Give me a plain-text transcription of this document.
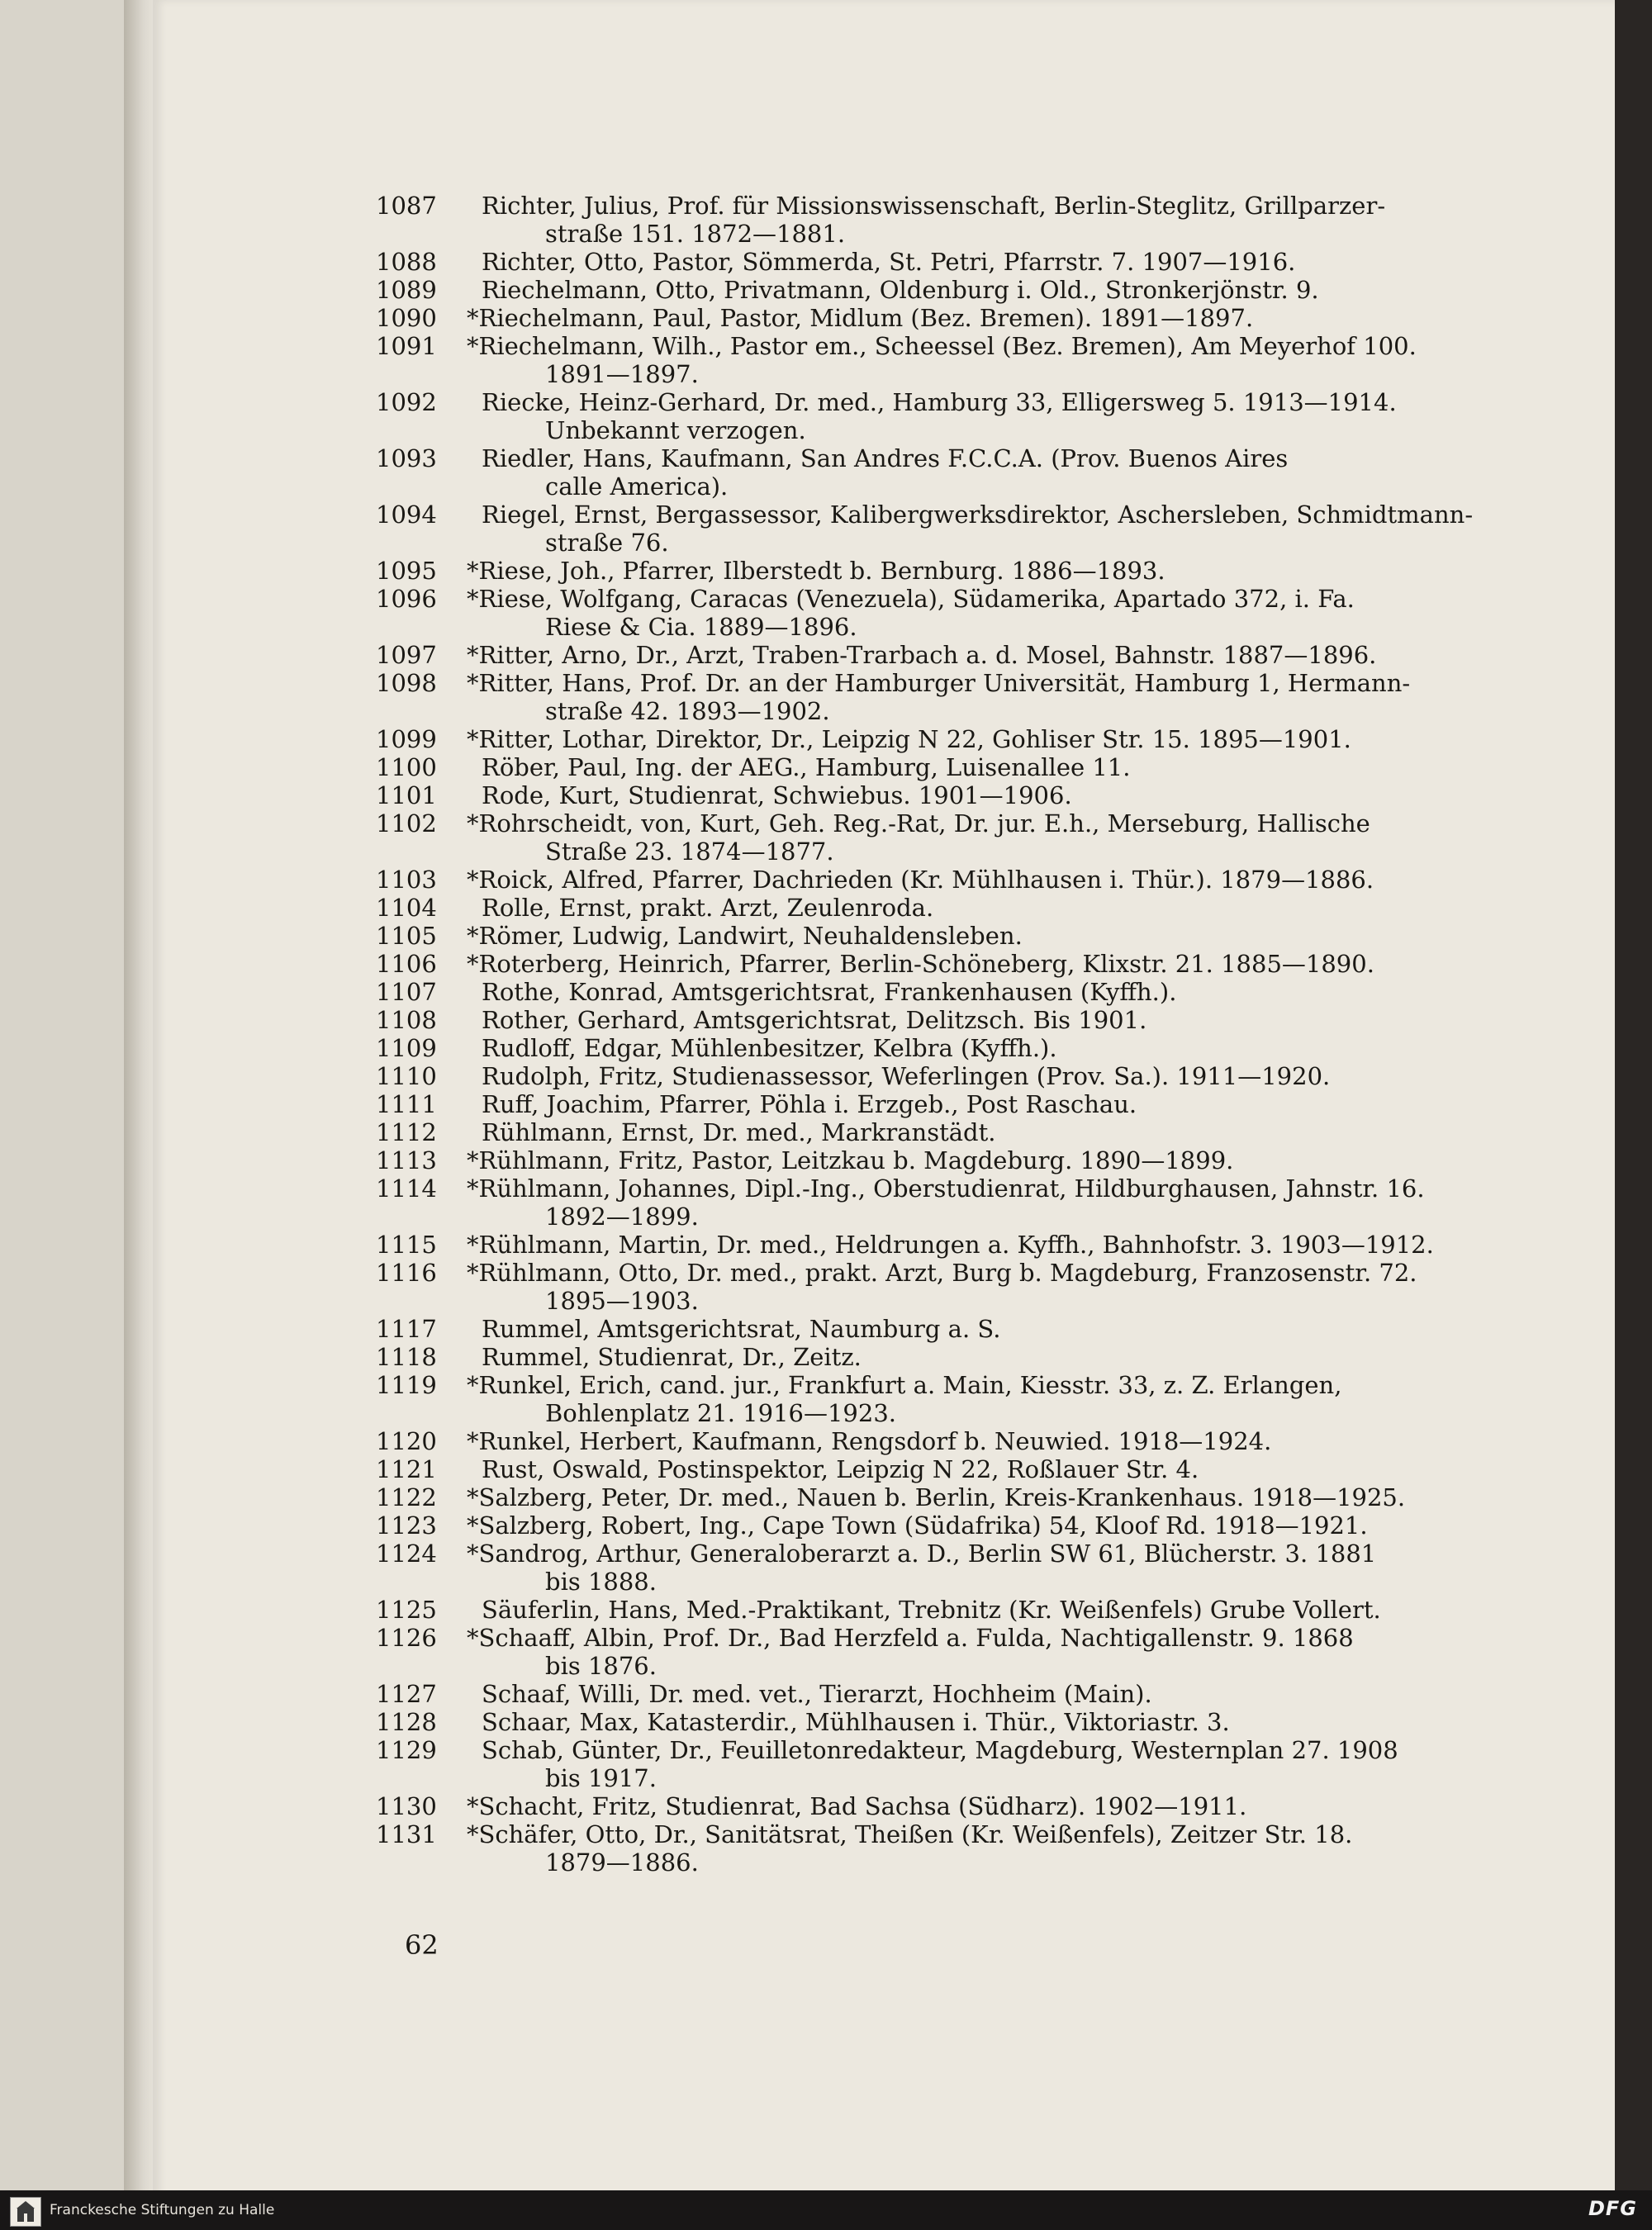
1087	Richter, Julius, Prof. für Missionswissenschaft, Berlin-Steglitz, Grillparzer-
straße 151. 1872—1881.
1088	Richter, Otto, Pastor, Sömmerda, St. Petri, Pfarrstr. 7. 1907—1916.
1089	Riechelmann, Otto, Privatmann, Oldenburg i. Old., Stronkerjönstr. 9.
1090	*Riechelmann, Paul, Pastor, Midlum (Bez. Bremen). 1891—1897.
1091	*Riechelmann, Wilh., Pastor em., Scheessel (Bez. Bremen), Am Meyerhof 100.
1891—1897.
1092	Riecke, Heinz-Gerhard, Dr. med., Hamburg 33, Elligersweg 5. 1913—1914.
Unbekannt verzogen.
1093	Riedler, Hans, Kaufmann, San Andres F.C.C.A. (Prov. Buenos Aires
calle America).
1094	Riegel, Ernst, Bergassessor, Kalibergwerksdirektor, Aschersleben, Schmidtmann-
straße 76.
1095	*Riese, Joh., Pfarrer, Ilberstedt b. Bernburg. 1886—1893.
1096	*Riese, Wolfgang, Caracas (Venezuela), Südamerika, Apartado 372, i. Fa.
Riese & Cia. 1889—1896.
1097	*Ritter, Arno, Dr., Arzt, Traben-Trarbach a. d. Mosel, Bahnstr. 1887—1896.
1098	*Ritter, Hans, Prof. Dr. an der Hamburger Universität, Hamburg 1, Hermann-
straße 42. 1893—1902.
1099	*Ritter, Lothar, Direktor, Dr., Leipzig N 22, Gohliser Str. 15. 1895—1901.
1100	Röber, Paul, Ing. der AEG., Hamburg, Luisenallee 11.
1101	Rode, Kurt, Studienrat, Schwiebus. 1901—1906.
1102	*Rohrscheidt, von, Kurt, Geh. Reg.-Rat, Dr. jur. E.h., Merseburg, Hallische
Straße 23. 1874—1877.
1103	*Roick, Alfred, Pfarrer, Dachrieden (Kr. Mühlhausen i. Thür.). 1879—1886.
1104	Rolle, Ernst, prakt. Arzt, Zeulenroda.
1105	*Römer, Ludwig, Landwirt, Neuhaldensleben.
1106	*Roterberg, Heinrich, Pfarrer, Berlin-Schöneberg, Klixstr. 21. 1885—1890.
1107	Rothe, Konrad, Amtsgerichtsrat, Frankenhausen (Kyffh.).
1108	Rother, Gerhard, Amtsgerichtsrat, Delitzsch. Bis 1901.
1109	Rudloff, Edgar, Mühlenbesitzer, Kelbra (Kyffh.).
1110	Rudolph, Fritz, Studienassessor, Weferlingen (Prov. Sa.). 1911—1920.
1111	Ruff, Joachim, Pfarrer, Pöhla i. Erzgeb., Post Raschau.
1112	Rühlmann, Ernst, Dr. med., Markranstädt.
1113	*Rühlmann, Fritz, Pastor, Leitzkau b. Magdeburg. 1890—1899.
1114	*Rühlmann, Johannes, Dipl.-Ing., Oberstudienrat, Hildburghausen, Jahnstr. 16.
1892—1899.
1115	*Rühlmann, Martin, Dr. med., Heldrungen a. Kyffh., Bahnhofstr. 3. 1903—1912.
1116	*Rühlmann, Otto, Dr. med., prakt. Arzt, Burg b. Magdeburg, Franzosenstr. 72.
1895—1903.
1117	Rummel, Amtsgerichtsrat, Naumburg a. S.
1118	Rummel, Studienrat, Dr., Zeitz.
1119	*Runkel, Erich, cand. jur., Frankfurt a. Main, Kiesstr. 33, z. Z. Erlangen,
Bohlenplatz 21. 1916—1923.
1120	*Runkel, Herbert, Kaufmann, Rengsdorf b. Neuwied. 1918—1924.
1121	Rust, Oswald, Postinspektor, Leipzig N 22, Roßlauer Str. 4.
1122	*Salzberg, Peter, Dr. med., Nauen b. Berlin, Kreis-Krankenhaus. 1918—1925.
1123	*Salzberg, Robert, Ing., Cape Town (Südafrika) 54, Kloof Rd. 1918—1921.
1124	*Sandrog, Arthur, Generaloberarzt a. D., Berlin SW 61, Blücherstr. 3. 1881
bis 1888.
1125	Säuferlin, Hans, Med.-Praktikant, Trebnitz (Kr. Weißenfels) Grube Vollert.
1126	*Schaaff, Albin, Prof. Dr., Bad Herzfeld a. Fulda, Nachtigallenstr. 9. 1868
bis 1876.
1127	Schaaf, Willi, Dr. med. vet., Tierarzt, Hochheim (Main).
1128	Schaar, Max, Katasterdir., Mühlhausen i. Thür., Viktoriastr. 3.
1129	Schab, Günter, Dr., Feuilletonredakteur, Magdeburg, Westernplan 27. 1908
bis 1917.
1130	*Schacht, Fritz, Studienrat, Bad Sachsa (Südharz). 1902—1911.
1131	*Schäfer, Otto, Dr., Sanitätsrat, Theißen (Kr. Weißenfels), Zeitzer Str. 18.
1879—1886.
62
Franckesche Stiftungen zu Halle	DFG
